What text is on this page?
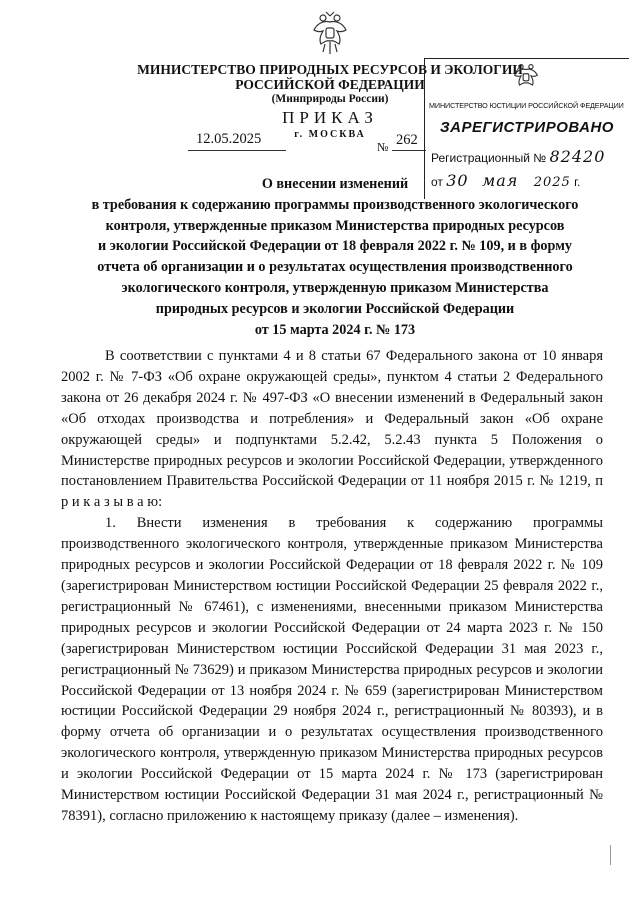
МИНИСТЕРСТВО ПРИРОДНЫХ РЕСУРСОВ И ЭКОЛОГИИ
РОССИЙСКОЙ ФЕДЕРАЦИИ
(Минприроды России)
ПРИКАЗ
г. МОСКВА
12.05.2025	№ 262
МИНИСТЕРСТВО ЮСТИЦИИ РОССИЙСКОЙ ФЕДЕРАЦИИ
ЗАРЕГИСТРИРОВАНО
Регистрационный № 82420
от 30 мая 2025 г.
О внесении изменений
в требования к содержанию программы производственного экологического
контроля, утвержденные приказом Министерства природных ресурсов
и экологии Российской Федерации от 18 февраля 2022 г. № 109, и в форму
отчета об организации и о результатах осуществления производственного
экологического контроля, утвержденную приказом Министерства
природных ресурсов и экологии Российской Федерации
от 15 марта 2024 г. № 173

В соответствии с пунктами 4 и 8 статьи 67 Федерального закона от 10 января 2002 г. № 7-ФЗ «Об охране окружающей среды», пунктом 4 статьи 2 Федерального закона от 26 декабря 2024 г. № 497-ФЗ «О внесении изменений в Федеральный закон «Об отходах производства и потребления» и Федеральный закон «Об охране окружающей среды» и подпунктами 5.2.42, 5.2.43 пункта 5 Положения о Министерстве природных ресурсов и экологии Российской Федерации, утвержденного постановлением Правительства Российской Федерации от 11 ноября 2015 г. № 1219, п р и к а з ы в а ю:

1. Внести изменения в требования к содержанию программы производственного экологического контроля, утвержденные приказом Министерства природных ресурсов и экологии Российской Федерации от 18 февраля 2022 г. № 109 (зарегистрирован Министерством юстиции Российской Федерации 25 февраля 2022 г., регистрационный № 67461), с изменениями, внесенными приказом Министерства природных ресурсов и экологии Российской Федерации от 24 марта 2023 г. № 150 (зарегистрирован Министерством юстиции Российской Федерации 31 мая 2023 г., регистрационный № 73629) и приказом Министерства природных ресурсов и экологии Российской Федерации от 13 ноября 2024 г. № 659 (зарегистрирован Министерством юстиции Российской Федерации 29 ноября 2024 г., регистрационный № 80393), и в форму отчета об организации и о результатах осуществления производственного экологического контроля, утвержденную приказом Министерства природных ресурсов и экологии Российской Федерации от 15 марта 2024 г. № 173 (зарегистрирован Министерством юстиции Российской Федерации 31 мая 2024 г., регистрационный № 78391), согласно приложению к настоящему приказу (далее – изменения).
